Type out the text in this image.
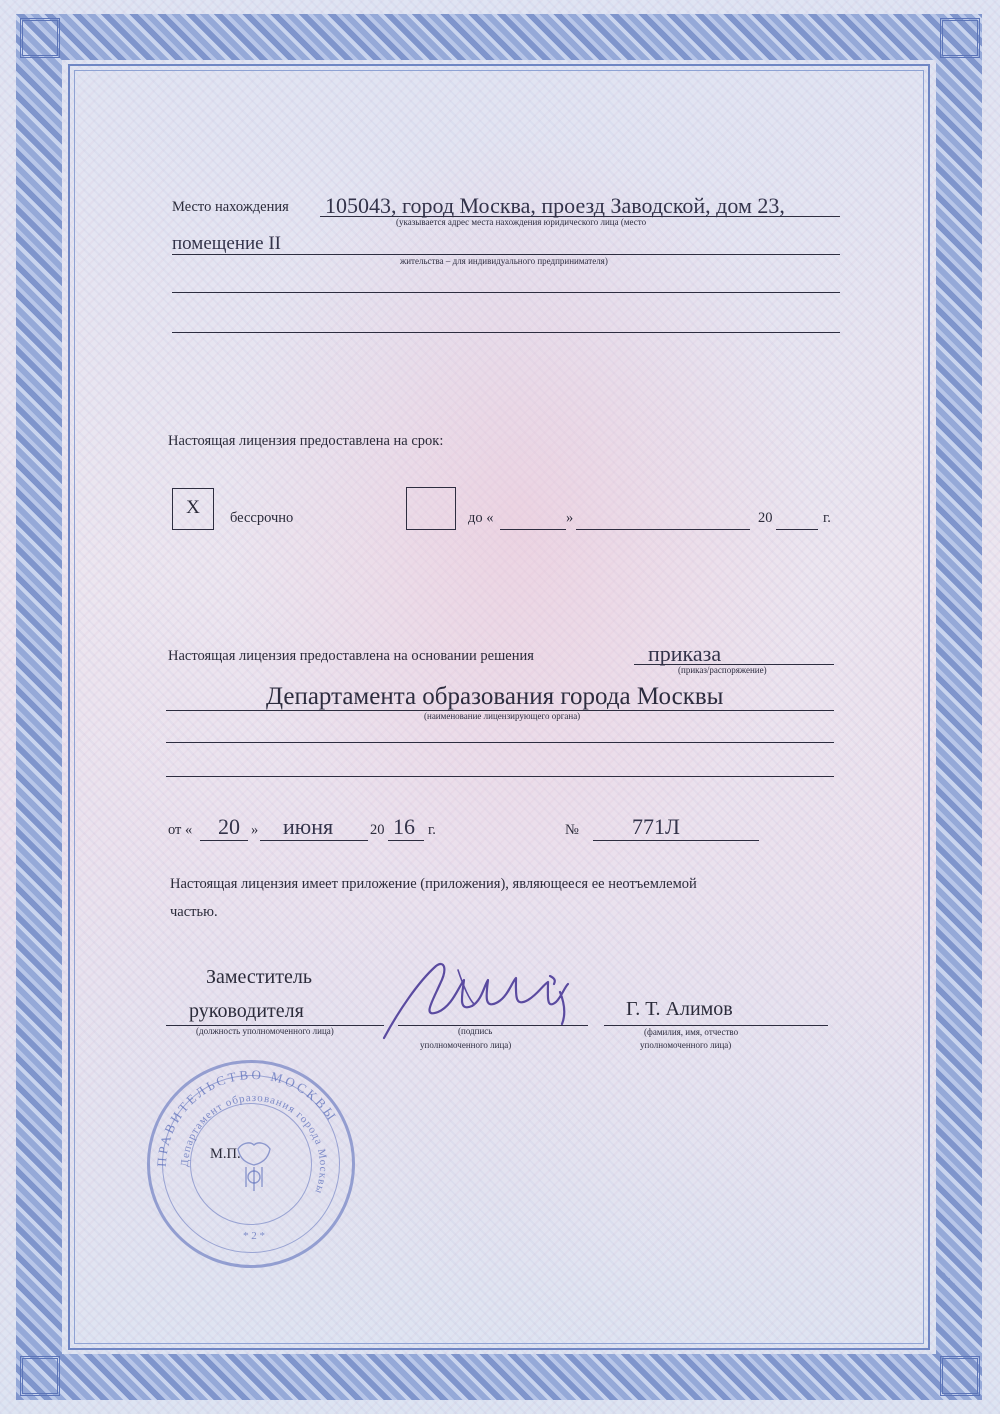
Место нахождения 105043, город Москва, проезд Заводской, дом 23,
(указывается адрес места нахождения юридического лица (место
помещение II
жительства – для индивидуального предпринимателя)
Настоящая лицензия предоставлена на срок:
X	бессрочно	до «	»	20	г.
Настоящая лицензия предоставлена на основании решения	приказа
(приказ/распоряжение)
Департамента образования города Москвы
(наименование лицензирующего органа)
от « 20 » июня	20 16 г.	№ 771Л
Настоящая лицензия имеет приложение (приложения), являющееся ее неотъемлемой
частью.
Заместитель
руководителя
(должность уполномоченного лица)	(подпись
уполномоченного лица)
Г. Т. Алимов
(фамилия, имя, отчество
уполномоченного лица)
ПРАВИТЕЛЬСТВО МОСКВЫ
Департамент образования города Москвы
* 2 *
М.П.
